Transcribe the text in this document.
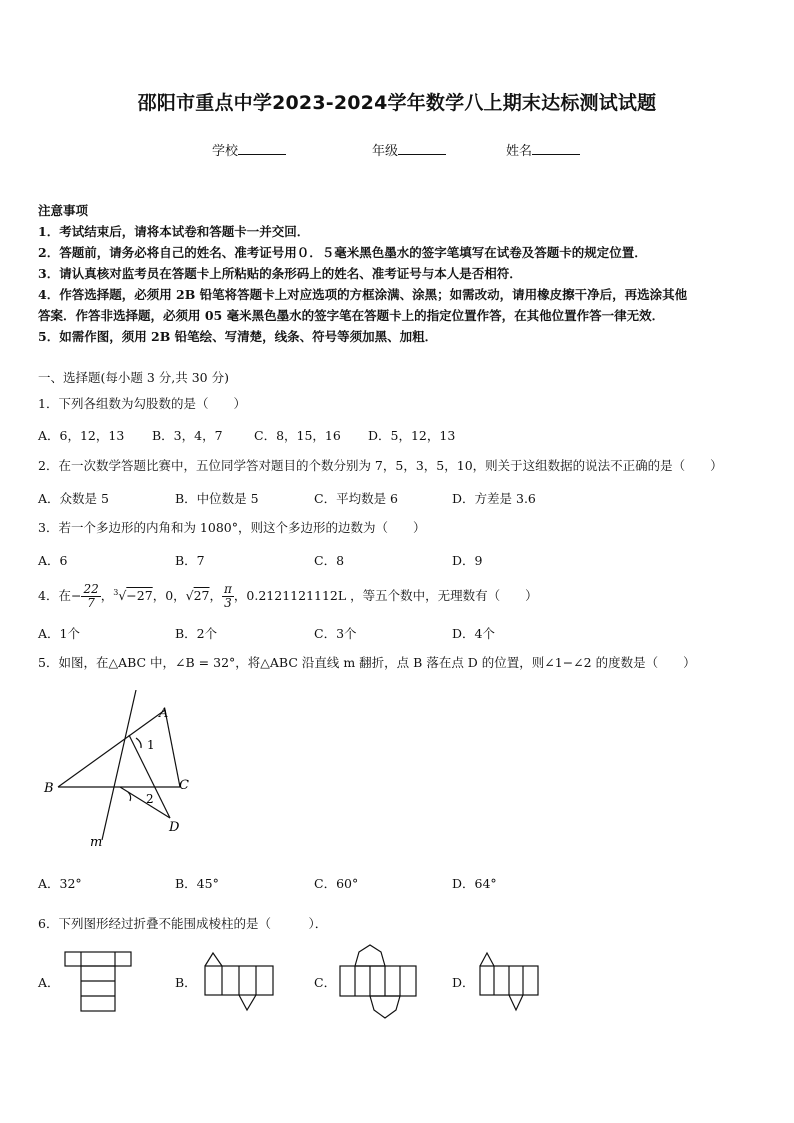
邵阳市重点中学2023-2024学年数学八上期末达标测试试题
学校	年级	姓名
注意事项
1．考试结束后，请将本试卷和答题卡一并交回．
2．答题前，请务必将自己的姓名、准考证号用０．５毫米黑色墨水的签字笔填写在试卷及答题卡的规定位置．
3．请认真核对监考员在答题卡上所粘贴的条形码上的姓名、准考证号与本人是否相符．
4．作答选择题，必须用 2B 铅笔将答题卡上对应选项的方框涂满、涂黑；如需改动，请用橡皮擦干净后，再选涂其他
答案．作答非选择题，必须用 05 毫米黑色墨水的签字笔在答题卡上的指定位置作答，在其他位置作答一律无效．
5．如需作图，须用 2B 铅笔绘、写清楚，线条、符号等须加黑、加粗．
一、选择题(每小题 3 分,共 30 分)
1．下列各组数为勾股数的是（　　）
A．6，12，13 B．3，4，7	C．8，15，16 D．5，12，13
2．在一次数学答题比赛中，五位同学答对题目的个数分别为 7，5，3，5，10，则关于这组数据的说法不正确的是（　　）
A．众数是 5	B．中位数是 5	C．平均数是 6	D．方差是 3.6
3．若一个多边形的内角和为 1080°，则这个多边形的边数为（　　）
A．6	B．7	C．8	D．9
4．在− $\frac{22}{7}$ ，$^3$√−27，0，√27， $\frac{\pi}{3}$ ，0.2121121112L ，等五个数中，无理数有（　　）
A．1个	B．2个	C．3个	D．4个
5．如图，在△ABC 中，∠B = 32°，将△ABC 沿直线 m 翻折，点 B 落在点 D 的位置，则∠1−∠2 的度数是（　　）
A
B	C
D
m
1
2
A．32°	B．45°	C．60°	D．64°
6．下列图形经过折叠不能围成棱柱的是（　　　）．
A．	B．	C．	D．
